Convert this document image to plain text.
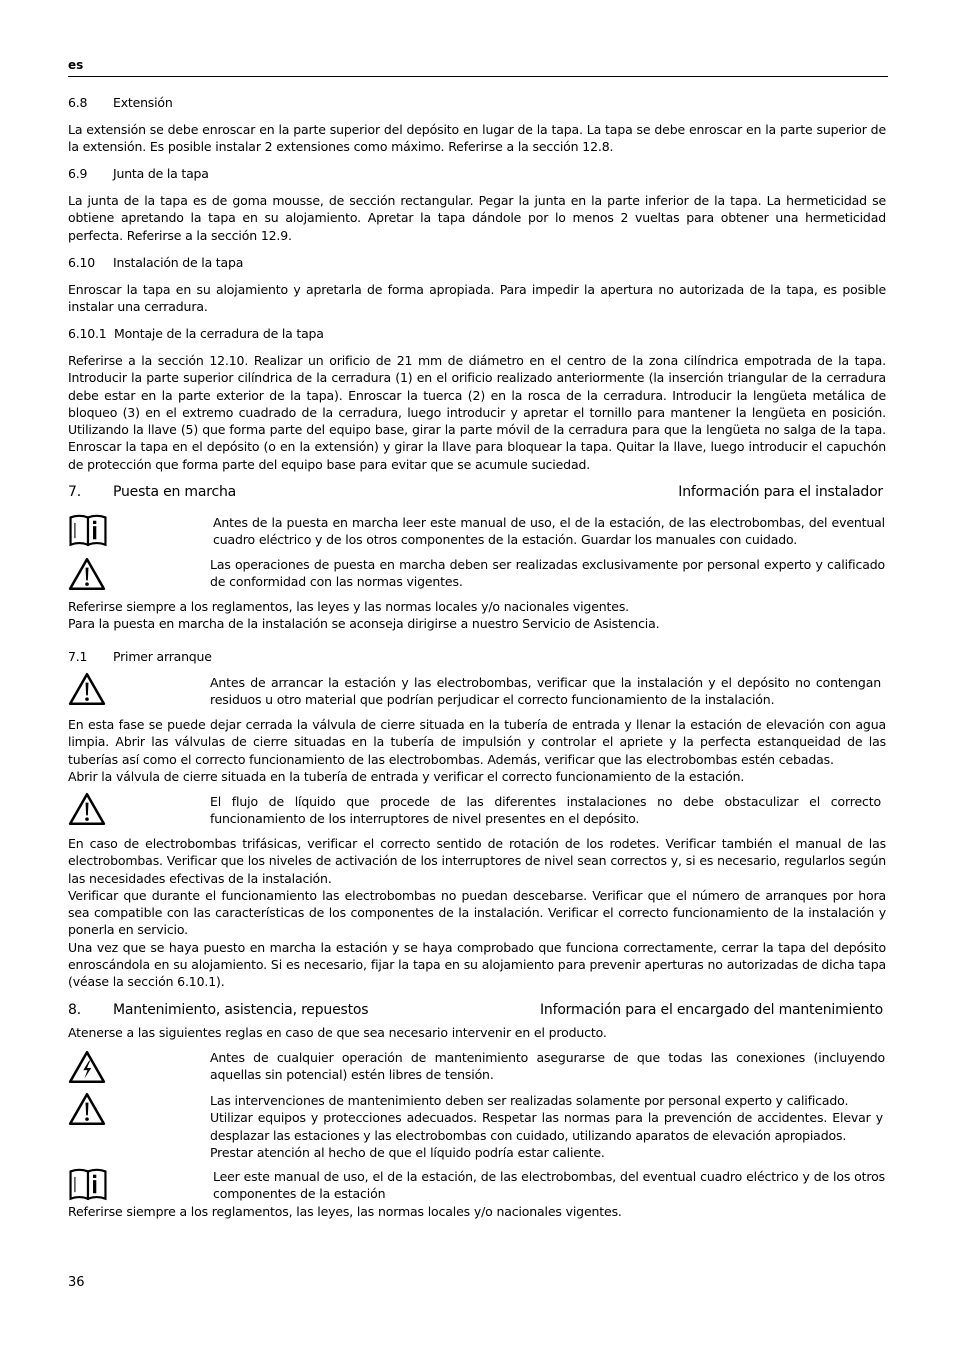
es
6.8 Extensión
La extensión se debe enroscar en la parte superior del depósito en lugar de la tapa. La tapa se debe enroscar en la parte superior de la extensión. Es posible instalar 2 extensiones como máximo. Referirse a la sección 12.8.
6.9 Junta de la tapa
La junta de la tapa es de goma mousse, de sección rectangular. Pegar la junta en la parte inferior de la tapa. La hermeticidad se obtiene apretando la tapa en su alojamiento. Apretar la tapa dándole por lo menos 2 vueltas para obtener una hermeticidad perfecta. Referirse a la sección 12.9.
6.10 Instalación de la tapa
Enroscar la tapa en su alojamiento y apretarla de forma apropiada. Para impedir la apertura no autorizada de la tapa, es posible instalar una cerradura.
6.10.1 Montaje de la cerradura de la tapa
Referirse a la sección 12.10. Realizar un orificio de 21 mm de diámetro en el centro de la zona cilíndrica empotrada de la tapa. Introducir la parte superior cilíndrica de la cerradura (1) en el orificio realizado anteriormente (la inserción triangular de la cerradura debe estar en la parte exterior de la tapa). Enroscar la tuerca (2) en la rosca de la cerradura. Introducir la lengüeta metálica de bloqueo (3) en el extremo cuadrado de la cerradura, luego introducir y apretar el tornillo para mantener la lengüeta en posición. Utilizando la llave (5) que forma parte del equipo base, girar la parte móvil de la cerradura para que la lengüeta no salga de la tapa. Enroscar la tapa en el depósito (o en la extensión) y girar la llave para bloquear la tapa. Quitar la llave, luego introducir el capuchón de protección que forma parte del equipo base para evitar que se acumule suciedad.
7. Puesta en marcha	Información para el instalador
Antes de la puesta en marcha leer este manual de uso, el de la estación, de las electrobombas, del eventual cuadro eléctrico y de los otros componentes de la estación. Guardar los manuales con cuidado.
Las operaciones de puesta en marcha deben ser realizadas exclusivamente por personal experto y calificado de conformidad con las normas vigentes.
Referirse siempre a los reglamentos, las leyes y las normas locales y/o nacionales vigentes.
Para la puesta en marcha de la instalación se aconseja dirigirse a nuestro Servicio de Asistencia.
7.1 Primer arranque
Antes de arrancar la estación y las electrobombas, verificar que la instalación y el depósito no contengan residuos u otro material que podrían perjudicar el correcto funcionamiento de la instalación.
En esta fase se puede dejar cerrada la válvula de cierre situada en la tubería de entrada y llenar la estación de elevación con agua limpia. Abrir las válvulas de cierre situadas en la tubería de impulsión y controlar el apriete y la perfecta estanqueidad de las tuberías así como el correcto funcionamiento de las electrobombas. Además, verificar que las electrobombas estén cebadas.
Abrir la válvula de cierre situada en la tubería de entrada y verificar el correcto funcionamiento de la estación.
El flujo de líquido que procede de las diferentes instalaciones no debe obstaculizar el correcto funcionamiento de los interruptores de nivel presentes en el depósito.
En caso de electrobombas trifásicas, verificar el correcto sentido de rotación de los rodetes. Verificar también el manual de las electrobombas. Verificar que los niveles de activación de los interruptores de nivel sean correctos y, si es necesario, regularlos según las necesidades efectivas de la instalación.
Verificar que durante el funcionamiento las electrobombas no puedan descebarse. Verificar que el número de arranques por hora sea compatible con las características de los componentes de la instalación. Verificar el correcto funcionamiento de la instalación y ponerla en servicio.
Una vez que se haya puesto en marcha la estación y se haya comprobado que funciona correctamente, cerrar la tapa del depósito enroscándola en su alojamiento. Si es necesario, fijar la tapa en su alojamiento para prevenir aperturas no autorizadas de dicha tapa (véase la sección 6.10.1).
8. Mantenimiento, asistencia, repuestos	Información para el encargado del mantenimiento
Atenerse a las siguientes reglas en caso de que sea necesario intervenir en el producto.
Antes de cualquier operación de mantenimiento asegurarse de que todas las conexiones (incluyendo aquellas sin potencial) estén libres de tensión.
Las intervenciones de mantenimiento deben ser realizadas solamente por personal experto y calificado.
Utilizar equipos y protecciones adecuados. Respetar las normas para la prevención de accidentes. Elevar y desplazar las estaciones y las electrobombas con cuidado, utilizando aparatos de elevación apropiados.
Prestar atención al hecho de que el líquido podría estar caliente.
Leer este manual de uso, el de la estación, de las electrobombas, del eventual cuadro eléctrico y de los otros componentes de la estación
Referirse siempre a los reglamentos, las leyes, las normas locales y/o nacionales vigentes.
36
